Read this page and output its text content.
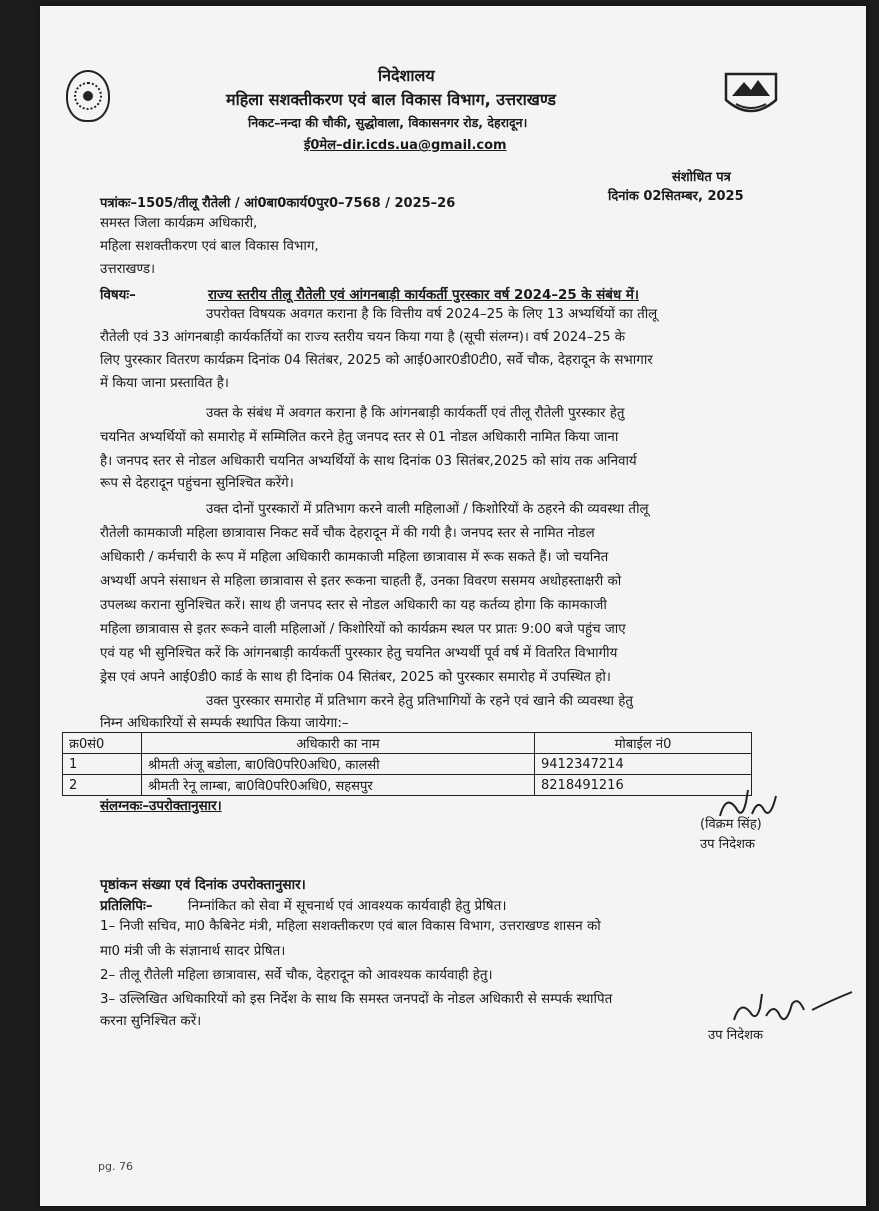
निदेशालय
महिला सशक्तीकरण एवं बाल विकास विभाग, उत्तराखण्ड
निकट–नन्दा की चौकी, सुद्धोवाला, विकासनगर रोड, देहरादून।
ई0मेल–dir.icds.ua@gmail.com
संशोधित पत्र
पत्रांकः–1505/तीलू रौतेली / आं0बा0कार्य0पुर0–7568 / 2025–26	दिनांक 02सितम्बर, 2025
समस्त जिला कार्यक्रम अधिकारी,
महिला सशक्तीकरण एवं बाल विकास विभाग,
उत्तराखण्ड।
विषयः–	राज्य स्तरीय तीलू रौतेली एवं आंगनबाड़ी कार्यकर्ती पुरस्कार वर्ष 2024–25 के संबंध में।
उपरोक्त विषयक अवगत कराना है कि वित्तीय वर्ष 2024–25 के लिए 13 अभ्यर्थियों का तीलू
रौतेली एवं 33 आंगनबाड़ी कार्यकर्तियों का राज्य स्तरीय चयन किया गया है (सूची संलग्न)। वर्ष 2024–25 के
लिए पुरस्कार वितरण कार्यक्रम दिनांक 04 सितंबर, 2025 को आई0आर0डी0टी0, सर्वे चौक, देहरादून के सभागार
में किया जाना प्रस्तावित है।
उक्त के संबंध में अवगत कराना है कि आंगनबाड़ी कार्यकर्ती एवं तीलू रौतेली पुरस्कार हेतु
चयनित अभ्यर्थियों को समारोह में सम्मिलित करने हेतु जनपद स्तर से 01 नोडल अधिकारी नामित किया जाना
है। जनपद स्तर से नोडल अधिकारी चयनित अभ्यर्थियों के साथ दिनांक 03 सितंबर,2025 को सांय तक अनिवार्य
रूप से देहरादून पहुंचना सुनिश्चित करेंगे।
उक्त दोनों पुरस्कारों में प्रतिभाग करने वाली महिलाओं / किशोरियों के ठहरने की व्यवस्था तीलू
रौतेली कामकाजी महिला छात्रावास निकट सर्वे चौक देहरादून में की गयी है। जनपद स्तर से नामित नोडल
अधिकारी / कर्मचारी के रूप में महिला अधिकारी कामकाजी महिला छात्रावास में रूक सकते हैं। जो चयनित
अभ्यर्थी अपने संसाधन से महिला छात्रावास से इतर रूकना चाहती हैं, उनका विवरण ससमय अधोहस्ताक्षरी को
उपलब्ध कराना सुनिश्चित करें। साथ ही जनपद स्तर से नोडल अधिकारी का यह कर्तव्य होगा कि कामकाजी
महिला छात्रावास से इतर रूकने वाली महिलाओं / किशोरियों को कार्यक्रम स्थल पर प्रातः 9:00 बजे पहुंच जाए
एवं यह भी सुनिश्चित करें कि आंगनबाड़ी कार्यकर्ती पुरस्कार हेतु चयनित अभ्यर्थी पूर्व वर्ष में वितरित विभागीय
ड्रेस एवं अपने आई0डी0 कार्ड के साथ ही दिनांक 04 सितंबर, 2025 को पुरस्कार समारोह में उपस्थित हो।
उक्त पुरस्कार समारोह में प्रतिभाग करने हेतु प्रतिभागियों के रहने एवं खाने की व्यवस्था हेतु
निम्न अधिकारियों से सम्पर्क स्थापित किया जायेगा:–
क्र0सं0	अधिकारी का नाम	मोबाईल नं0
1	श्रीमती अंजू बडोला, बा0वि0परि0अधि0, कालसी	9412347214
2	श्रीमती रेनू लाम्बा, बा0वि0परि0अधि0, सहसपुर	8218491216
संलग्नकः–उपरोक्तानुसार।
(विक्रम सिंह)
उप निदेशक
पृष्ठांकन संख्या एवं दिनांक उपरोक्तानुसार।
प्रतिलिपिः–	निम्नांकित को सेवा में सूचनार्थ एवं आवश्यक कार्यवाही हेतु प्रेषित।
1– निजी सचिव, मा0 कैबिनेट मंत्री, महिला सशक्तीकरण एवं बाल विकास विभाग, उत्तराखण्ड शासन को
मा0 मंत्री जी के संज्ञानार्थ सादर प्रेषित।
2– तीलू रौतेली महिला छात्रावास, सर्वे चौक, देहरादून को आवश्यक कार्यवाही हेतु।
3– उल्लिखित अधिकारियों को इस निर्देश के साथ कि समस्त जनपदों के नोडल अधिकारी से सम्पर्क स्थापित
करना सुनिश्चित करें।
उप निदेशक
pg. 76
